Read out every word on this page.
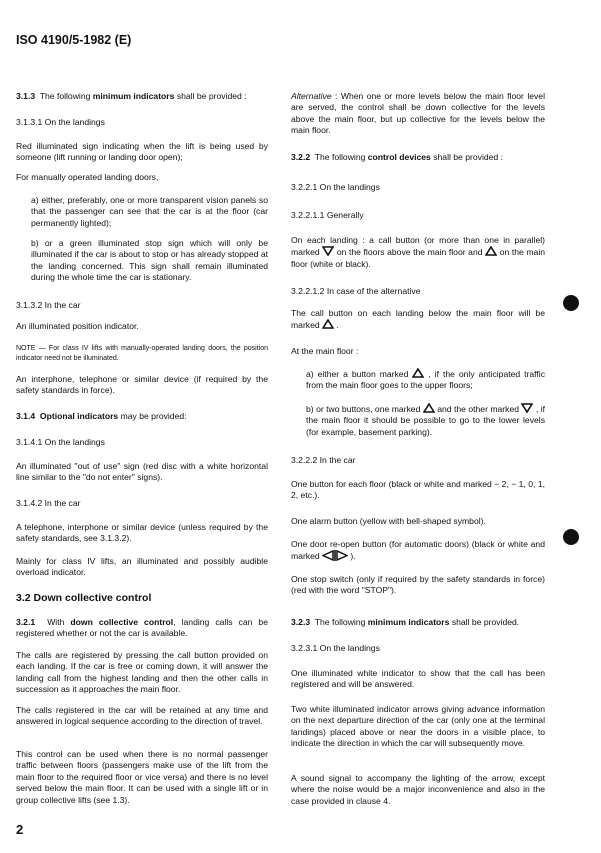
ISO 4190/5-1982 (E)
3.1.3 The following minimum indicators shall be provided :
3.1.3.1 On the landings
Red illuminated sign indicating when the lift is being used by someone (lift running or landing door open);
For manually operated landing doors,
a) either, preferably, one or more transparent vision panels so that the passenger can see that the car is at the floor (car permanently lighted);
b) or a green illuminated stop sign which will only be illuminated if the car is about to stop or has already stopped at the landing concerned. This sign shall remain illuminated during the whole time the car is stationary.
3.1.3.2 In the car
An illuminated position indicator.
NOTE — For class IV lifts with manually-operated landing doors, the position indicator need not be illuminated.
An interphone, telephone or similar device (if required by the safety standards in force).
3.1.4 Optional indicators may be provided:
3.1.4.1 On the landings
An illuminated "out of use" sign (red disc with a white horizontal line similar to the "do not enter" signs).
3.1.4.2 In the car
A telephone, interphone or similar device (unless required by the safety standards, see 3.1.3.2).
Mainly for class IV lifts, an illuminated and possibly audible overload indicator.
3.2 Down collective control
3.2.1 With down collective control, landing calls can be registered whether or not the car is available.
The calls are registered by pressing the call button provided on each landing. If the car is free or coming down, it will answer the landing call from the highest landing and then the other calls in succession as it approaches the main floor.
The calls registered in the car will be retained at any time and answered in logical sequence according to the direction of travel.
This control can be used when there is no normal passenger traffic between floors (passengers make use of the lift from the main floor to the required floor or vice versa) and there is no level served below the main floor. It can be used with a single lift or in group collective lifts (see 1.3).
Alternative : When one or more levels below the main floor level are served, the control shall be down collective for the levels above the main floor, but up collective for the levels below the main floor.
3.2.2 The following control devices shall be provided :
3.2.2.1 On the landings
3.2.2.1.1 Generally
On each landing : a call button (or more than one in parallel) marked  on the floors above the main floor and  on the main floor (white or black).
3.2.2.1.2 In case of the alternative
The call button on each landing below the main floor will be marked  .
At the main floor :
a) either a button marked  , if the only anticipated traffic from the main floor goes to the upper floors;
b) or two buttons, one marked  and the other marked  , if the main floor it should be possible to go to the lower levels (for example, basement parking).
3.2.2.2 In the car
One button for each floor (black or white and marked − 2, − 1, 0, 1, 2, etc.).
One alarm button (yellow with bell-shaped symbol).
One door re-open button (for automatic doors) (black or white and marked	).
One stop switch (only if required by the safety standards in force) (red with the word "STOP").
3.2.3 The following minimum indicators shall be provided.
3.2.3.1 On the landings
One illuminated white indicator to show that the call has been registered and will be answered.
Two white illuminated indicator arrows giving advance information on the next departure direction of the car (only one at the terminal landings) placed above or near the doors in a visible place, to indicate the direction in which the car will subsequently move.
A sound signal to accompany the lighting of the arrow, except where the noise would be a major inconvenience and also in the case provided in clause 4.
2
